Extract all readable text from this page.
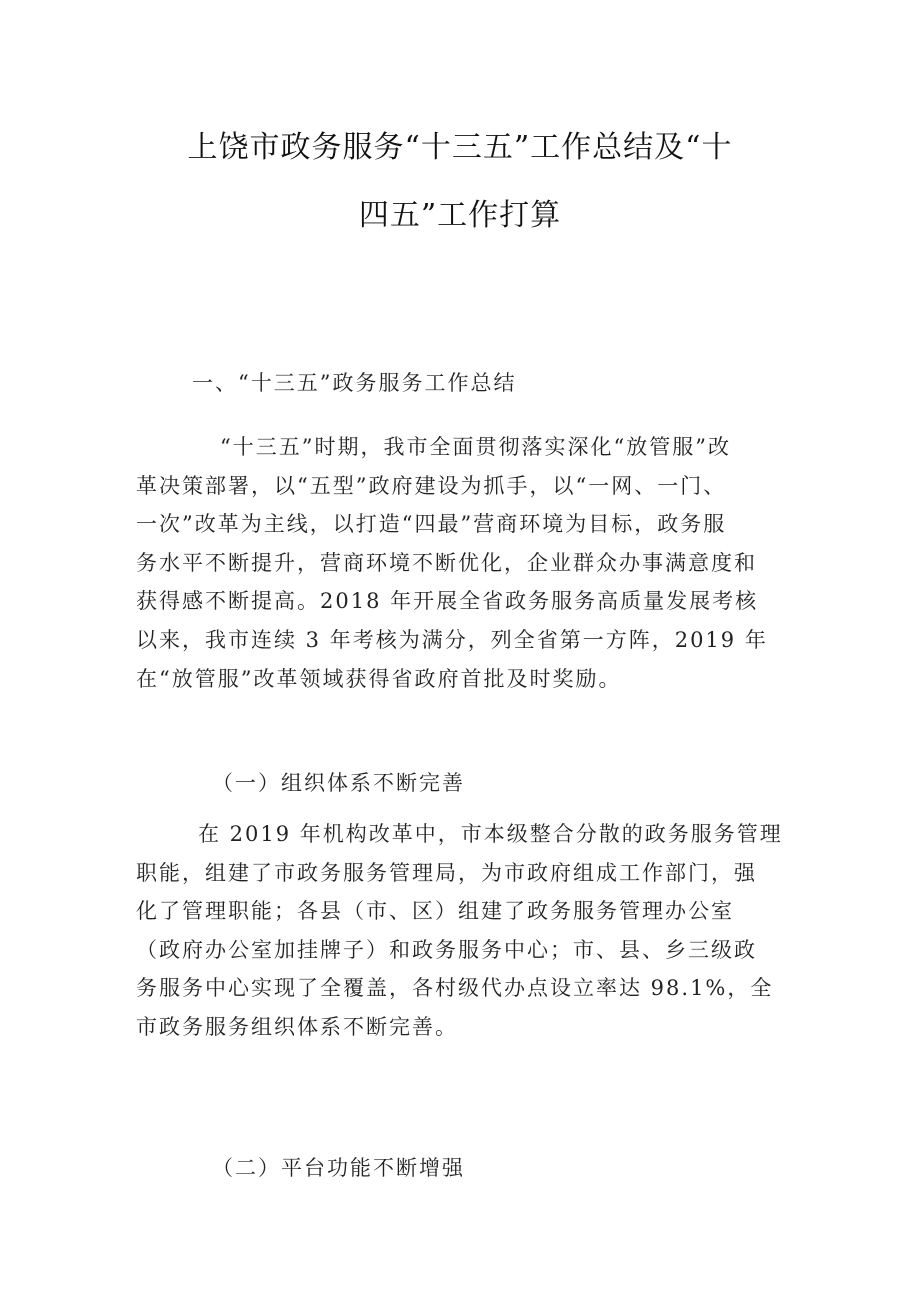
上饶市政务服务“十三五”工作总结及“十
四五”工作打算
一、“十三五”政务服务工作总结
“十三五”时期，我市全面贯彻落实深化“放管服”改
革决策部署，以“五型”政府建设为抓手，以“一网、一门、
一次”改革为主线，以打造“四最”营商环境为目标，政务服
务水平不断提升，营商环境不断优化，企业群众办事满意度和
获得感不断提高。2018 年开展全省政务服务高质量发展考核
以来，我市连续 3 年考核为满分，列全省第一方阵，2019 年
在“放管服”改革领域获得省政府首批及时奖励。
（一）组织体系不断完善
在 2019 年机构改革中，市本级整合分散的政务服务管理
职能，组建了市政务服务管理局，为市政府组成工作部门，强
化了管理职能；各县（市、区）组建了政务服务管理办公室
（政府办公室加挂牌子）和政务服务中心；市、县、乡三级政
务服务中心实现了全覆盖，各村级代办点设立率达 98.1%，全
市政务服务组织体系不断完善。
（二）平台功能不断增强
